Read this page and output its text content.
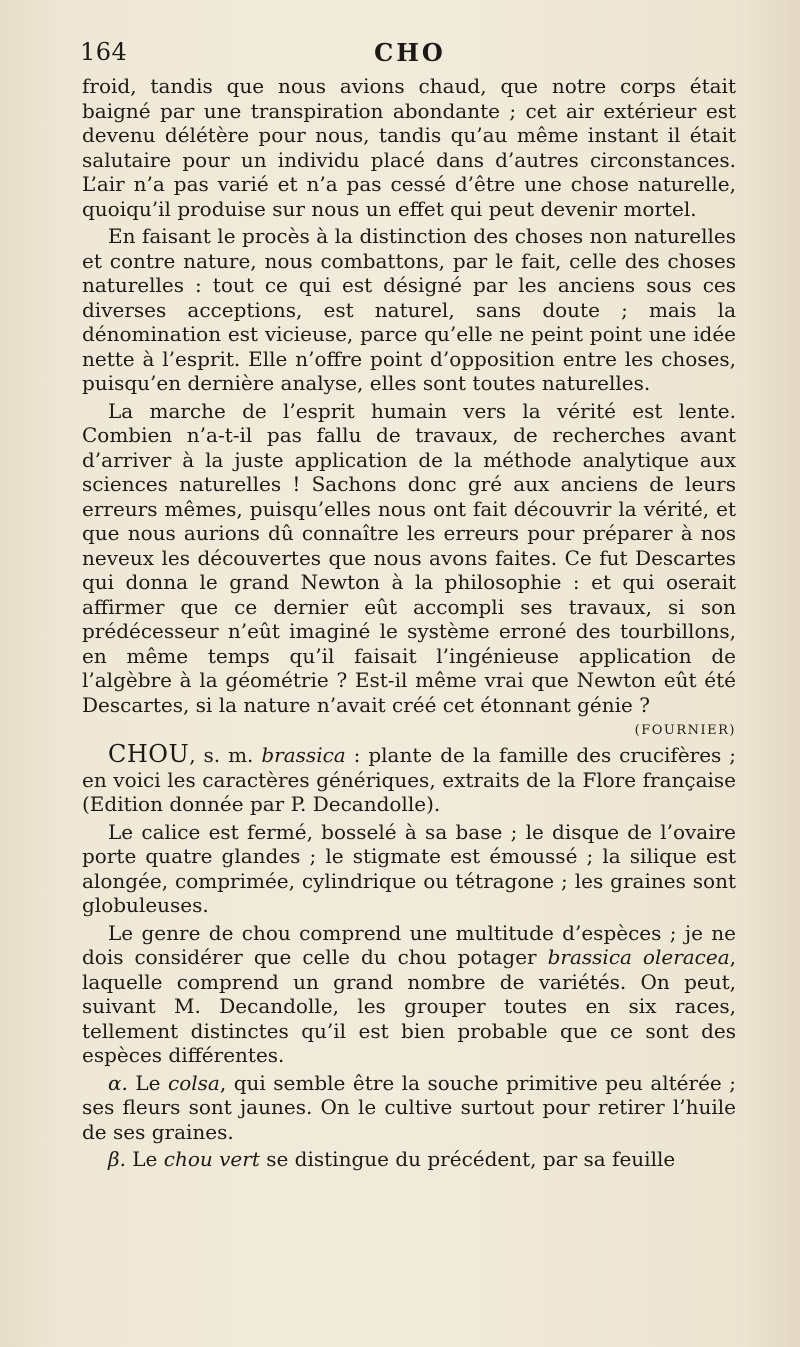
164	CHO

froid, tandis que nous avions chaud, que notre corps était baigné par une transpiration abondante ; cet air extérieur est devenu délétère pour nous, tandis qu’au même instant il était salutaire pour un individu placé dans d’autres circonstances. L’air n’a pas varié et n’a pas cessé d’être une chose naturelle, quoiqu’il produise sur nous un effet qui peut devenir mortel.

En faisant le procès à la distinction des choses non naturelles et contre nature, nous combattons, par le fait, celle des choses naturelles : tout ce qui est désigné par les anciens sous ces diverses acceptions, est naturel, sans doute ; mais la dénomination est vicieuse, parce qu’elle ne peint point une idée nette à l’esprit. Elle n’offre point d’opposition entre les choses, puisqu’en dernière analyse, elles sont toutes naturelles.

La marche de l’esprit humain vers la vérité est lente. Combien n’a-t-il pas fallu de travaux, de recherches avant d’arriver à la juste application de la méthode analytique aux sciences naturelles ! Sachons donc gré aux anciens de leurs erreurs mêmes, puisqu’elles nous ont fait découvrir la vérité, et que nous aurions dû connaître les erreurs pour préparer à nos neveux les découvertes que nous avons faites. Ce fut Descartes qui donna le grand Newton à la philosophie : et qui oserait affirmer que ce dernier eût accompli ses travaux, si son prédécesseur n’eût imaginé le système erroné des tourbillons, en même temps qu’il faisait l’ingénieuse application de l’algèbre à la géométrie ? Est-il même vrai que Newton eût été Descartes, si la nature n’avait créé cet étonnant génie ?

(FOURNIER)

CHOU, s. m. brassica : plante de la famille des crucifères ; en voici les caractères génériques, extraits de la Flore française (Edition donnée par P. Decandolle).

Le calice est fermé, bosselé à sa base ; le disque de l’ovaire porte quatre glandes ; le stigmate est émoussé ; la silique est alongée, comprimée, cylindrique ou tétragone ; les graines sont globuleuses.

Le genre de chou comprend une multitude d’espèces ; je ne dois considérer que celle du chou potager brassica oleracea, laquelle comprend un grand nombre de variétés. On peut, suivant M. Decandolle, les grouper toutes en six races, tellement distinctes qu’il est bien probable que ce sont des espèces différentes.

α. Le colsa, qui semble être la souche primitive peu altérée ; ses fleurs sont jaunes. On le cultive surtout pour retirer l’huile de ses graines.

β. Le chou vert se distingue du précédent, par sa feuille
